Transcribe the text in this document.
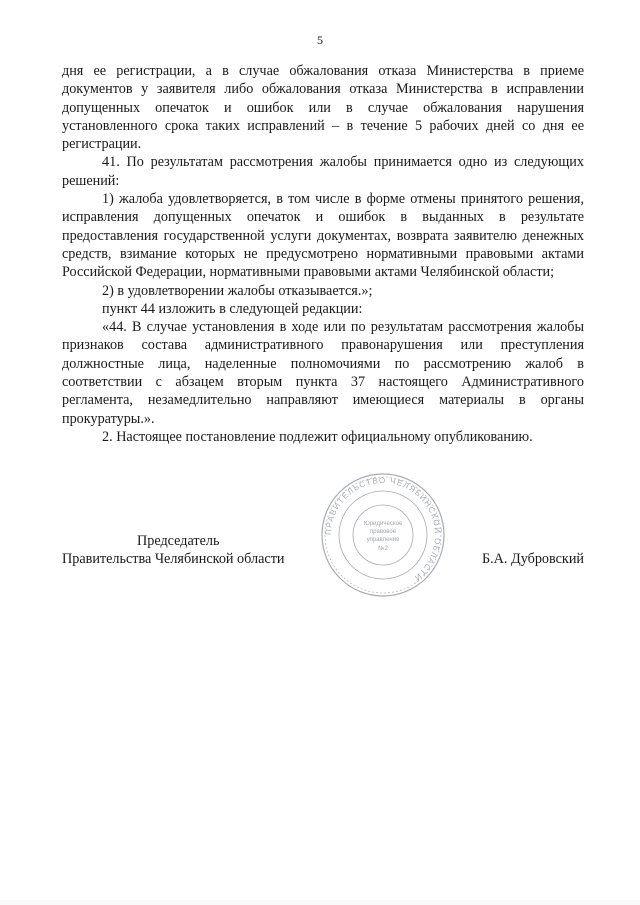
5

дня ее регистрации, а в случае обжалования отказа Министерства в приеме документов у заявителя либо обжалования отказа Министерства в исправлении допущенных опечаток и ошибок или в случае обжалования нарушения установленного срока таких исправлений – в течение 5 рабочих дней со дня ее регистрации.

41. По результатам рассмотрения жалобы принимается одно из следующих решений:

1) жалоба удовлетворяется, в том числе в форме отмены принятого решения, исправления допущенных опечаток и ошибок в выданных в результате предоставления государственной услуги документах, возврата заявителю денежных средств, взимание которых не предусмотрено нормативными правовыми актами Российской Федерации, нормативными правовыми актами Челябинской области;

2) в удовлетворении жалобы отказывается.»;

пункт 44 изложить в следующей редакции:

«44. В случае установления в ходе или по результатам рассмотрения жалобы признаков состава административного правонарушения или преступления должностные лица, наделенные полномочиями по рассмотрению жалоб в соответствии с абзацем вторым пункта 37 настоящего Административного регламента, незамедлительно направляют имеющиеся материалы в органы прокуратуры.».

2. Настоящее постановление подлежит официальному опубликованию.

ПРАВИТЕЛЬСТВО ЧЕЛЯБИНСКОЙ ОБЛАСТИ
Юридическое
правовое
управление
№2
Председатель
Правительства Челябинской области	Б.А. Дубровский
